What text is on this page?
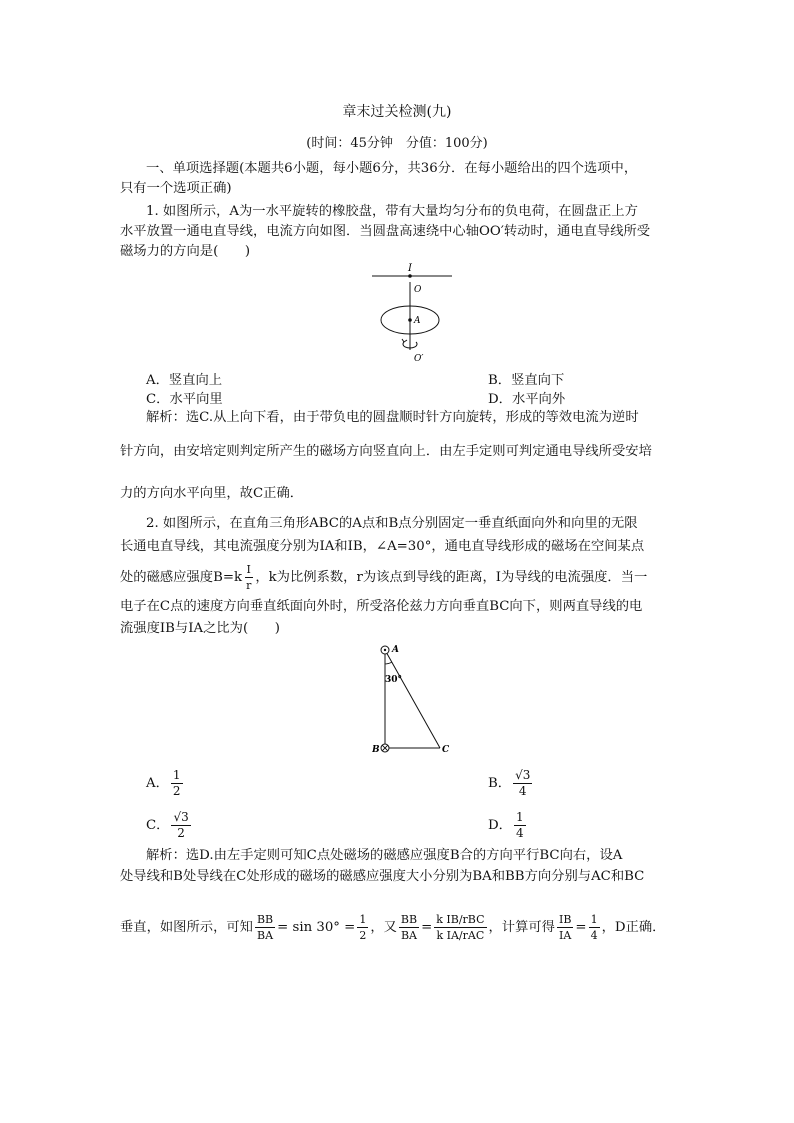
章末过关检测(九)
(时间：45分钟　分值：100分)
一、单项选择题(本题共6小题，每小题6分，共36分．在每小题给出的四个选项中，
只有一个选项正确)
1. 如图所示，A为一水平旋转的橡胶盘，带有大量均匀分布的负电荷，在圆盘正上方
水平放置一通电直导线，电流方向如图．当圆盘高速绕中心轴OO′转动时，通电直导线所受
磁场力的方向是(　　)
I
O
A
O′
A．竖直向上	B．竖直向下
C．水平向里	D．水平向外
解析：选C.从上向下看，由于带负电的圆盘顺时针方向旋转，形成的等效电流为逆时
针方向，由安培定则判定所产生的磁场方向竖直向上．由左手定则可判定通电导线所受安培
力的方向水平向里，故C正确．
2. 如图所示，在直角三角形ABC的A点和B点分别固定一垂直纸面向外和向里的无限
长通电直导线，其电流强度分别为IA和IB，∠A=30°，通电直导线形成的磁场在空间某点
处的磁感应强度$B=k \frac{I}{r}$ ，k为比例系数，r为该点到导线的距离，I为导线的电流强度．当一
电子在C点的速度方向垂直纸面向外时，所受洛伦兹力方向垂直BC向下，则两直导线的电
流强度IB与IA之比为(　　)
30°
A
B	C
A． $\frac{1}{2}$	B． $\frac{√3}{4}$
C． $\frac{√3}{2}$	D． $\frac{1}{4}$
解析：选D.由左手定则可知C点处磁场的磁感应强度B合的方向平行BC向右，设A
处导线和B处导线在C处形成的磁场的磁感应强度大小分别为BA和BB方向分别与AC和BC
垂直，如图所示，可知 $\frac{BB}{BA} = \sin 30^\circ = \frac{1}{2}$ ，又 $\frac{BB}{BA} = \frac{\text{k IB/rBC}}{\text{k IA/rAC}}$ ，计算可得 $\frac{IB}{IA} = \frac{1}{4}$ ，D正确．
